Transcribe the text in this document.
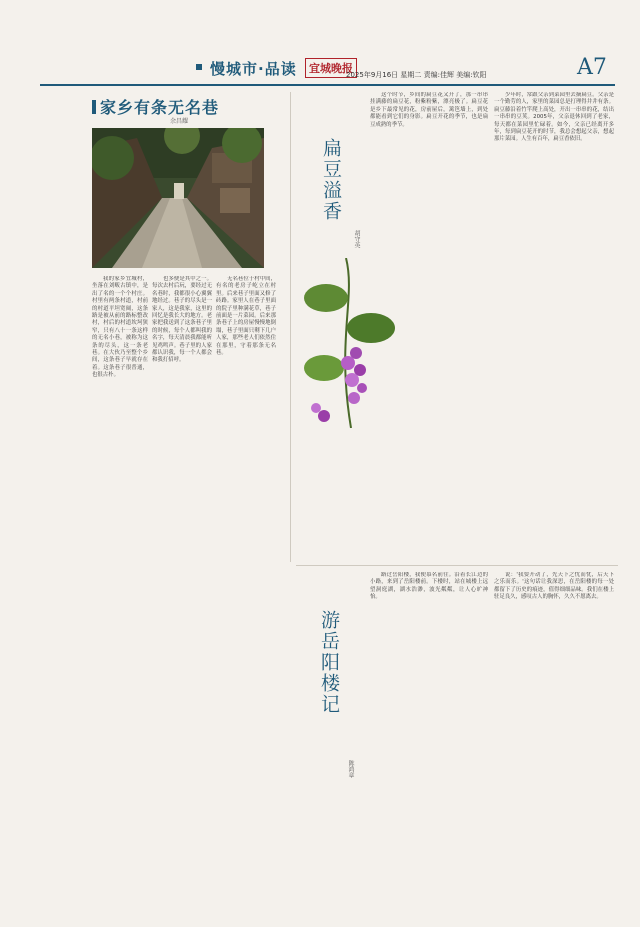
慢城市·品读	宜城晚报
2025年9月16日 星期二 责编:佳辉 美编:钦阳	A7
家乡有条无名巷
余昌耀

我的家乡宜城村，坐落在刘畈古镇中，是出了名的一个个村庄。村里有两条村道，村前的村道平坦宽阔，这条路是被从前的路标整改村，村后的村道坎坷狭窄，只有八十一条这样的无名小巷，被称为这条的尽头，这一条老巷。在大伙乃至整个乡间，这条巷子早就存在着。这条巷子很普通，也很古朴。

也多便是其中之一。每次去村后玩，要经过无名巷时，我都很小心翼翼地经过。巷子的尽头是一家人，这是我家，这里的回忆是我长大的地方。老家把我送到了这条巷子里的时候，每个人都叫我的名字，每天清晨我都能听见鸡鸣声。巷子里的人家都认识我，每一个人都会和我打招呼。

无名巷位于村中间，有名的老房子屹立在村里。后来巷子里面又修了砖路。家里人在巷子里面的院子里种满花草，巷子前面是一片菜园。后来那条巷子上的房屋慢慢地倒塌，巷子里面只剩下几户人家，那些老人们依然住在那里，守着那条无名巷。

扁豆溢香
胡守英

这个时节，乡间的扁豆花又开了，那一串串挂满藤的扁豆花，粉紫粉紫，漂亮极了。扁豆花是乡下最常见的花，房前屋后，篱笆墙上，到处都能看到它们的身影。扁豆开花的季节，也是扁豆成熟的季节。

少年时，常跟父亲到菜园里去摘扁豆。父亲是一个勤劳的人，家里的菜园总是打理得井井有条。扁豆藤沿着竹竿爬上高处，开出一串串的花，结出一串串的豆荚。2005年，父亲退休回到了老家，每天都在菜园里忙碌着。如今，父亲已经离开多年，每到扁豆花开的时节，我总会想起父亲，想起那片菜园。人生有百年，扁豆香依旧。

游岳阳楼记
陈鸿章

路过岳阳楼，我便慕名前往。沿着长江边的小路，来到了岳阳楼前。下楼时，站在城楼上远望洞庭湖，湖水浩渺，波光粼粼，让人心旷神怡。

说：'我要开动了，先天下之忧而忧，后天下之乐而乐。'这句话让我深思，在岳阳楼的每一处都留下了历史的痕迹，值得细细品味。我们在楼上驻足良久，感叹古人的胸怀，久久不愿离去。
